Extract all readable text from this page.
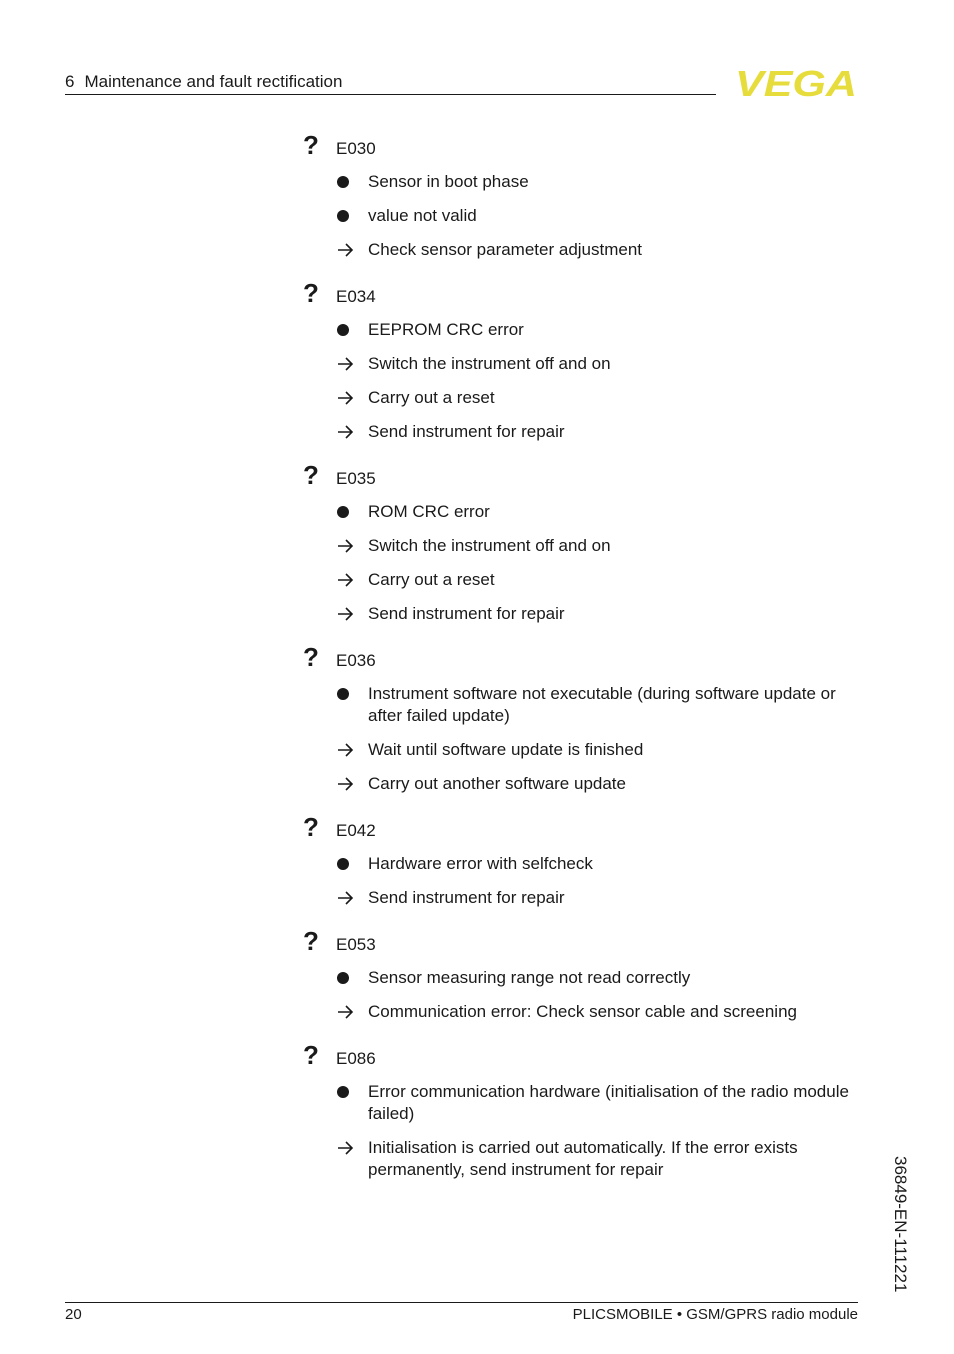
6 Maintenance and fault rectification	VEGA
?	E030
Sensor in boot phase
value not valid
Check sensor parameter adjustment
?	E034
EEPROM CRC error
Switch the instrument off and on
Carry out a reset
Send instrument for repair
?	E035
ROM CRC error
Switch the instrument off and on
Carry out a reset
Send instrument for repair
?	E036
Instrument software not executable (during software update or after failed update)
Wait until software update is finished
Carry out another software update
?	E042
Hardware error with selfcheck
Send instrument for repair
?	E053
Sensor measuring range not read correctly
Communication error: Check sensor cable and screening
?	E086
Error communication hardware (initialisation of the radio module failed)
Initialisation is carried out automatically. If the error exists permanently, send instrument for repair	36849-EN-111221
20	PLICSMOBILE • GSM/GPRS radio module
